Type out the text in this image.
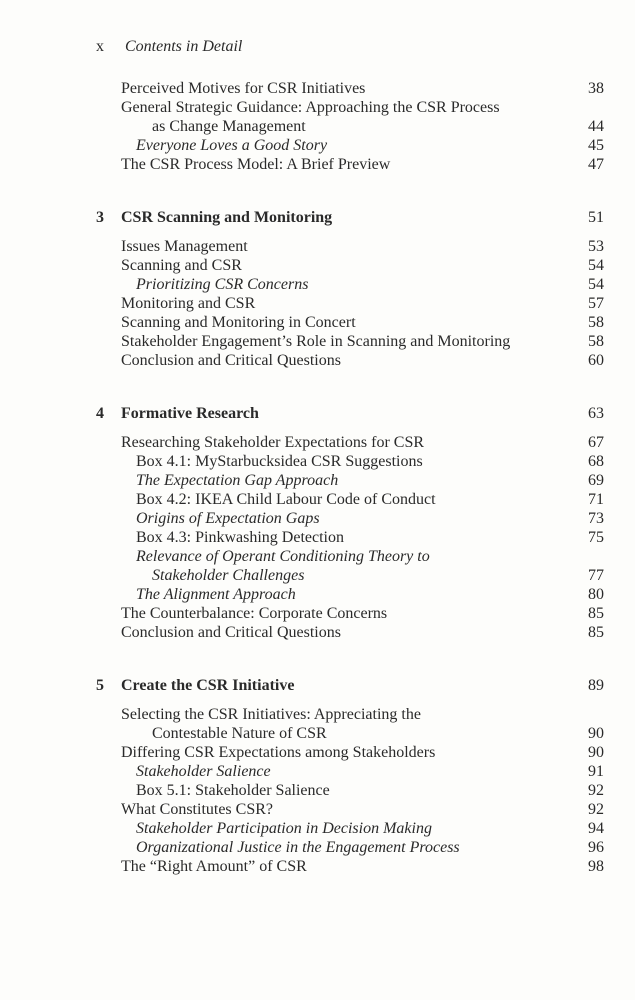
x Contents in Detail
Perceived Motives for CSR Initiatives	38
General Strategic Guidance: Approaching the CSR Process
as Change Management	44
Everyone Loves a Good Story	45
The CSR Process Model: A Brief Preview	47
3 CSR Scanning and Monitoring	51
Issues Management	53
Scanning and CSR	54
Prioritizing CSR Concerns	54
Monitoring and CSR	57
Scanning and Monitoring in Concert	58
Stakeholder Engagement’s Role in Scanning and Monitoring	58
Conclusion and Critical Questions	60
4 Formative Research	63
Researching Stakeholder Expectations for CSR	67
Box 4.1: MyStarbucksidea CSR Suggestions	68
The Expectation Gap Approach	69
Box 4.2: IKEA Child Labour Code of Conduct	71
Origins of Expectation Gaps	73
Box 4.3: Pinkwashing Detection	75
Relevance of Operant Conditioning Theory to
Stakeholder Challenges	77
The Alignment Approach	80
The Counterbalance: Corporate Concerns	85
Conclusion and Critical Questions	85
5 Create the CSR Initiative	89
Selecting the CSR Initiatives: Appreciating the
Contestable Nature of CSR	90
Differing CSR Expectations among Stakeholders	90
Stakeholder Salience	91
Box 5.1: Stakeholder Salience	92
What Constitutes CSR?	92
Stakeholder Participation in Decision Making	94
Organizational Justice in the Engagement Process	96
The “Right Amount” of CSR	98
